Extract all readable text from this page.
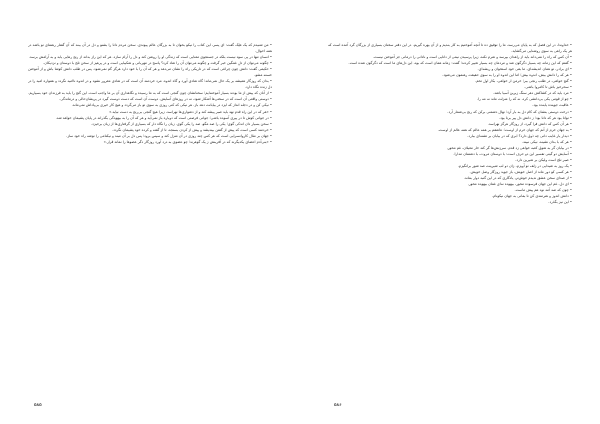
• من شنیدم که یک مَلِک گفت: ای پسر، این کتاب را نیکو بخوان تا به بزرگان عالم پیوندی. سخن مردم دانا را بشنو و دل در آن ببند که آن گفتار رهنمای تو باشد در همه احوال.

• انسان تنها در پی سود نیست بلکه در جستجوی معنایی است که زندگی او را روشن کند و دل را آرام سازد. هر که این راز بداند از رنج رهایی یابد و به آرامش برسد.

• چگونه می‌توان از دلِ غمگین خبر گرفت و چگونه می‌توان آن را شاد کرد؟ پاسخ در مهربانی و شکیبایی است و در پرهیز از سخن تلخ با دوستان و نزدیکان.

• حکیمی گفت: دانش چون چراغی است که در تاریکی راه را نشان می‌دهد و هر که آن را با خود دارد هرگز گم نمی‌شود. پس در طلب دانش کوشا باش و از آموختن خسته مشو.

• بدان که روزگار همیشه بر یک حال نمی‌ماند؛ گاه شادی آورد و گاه اندوه. مرد خردمند آن است که در شادی مغرور نشود و در اندوه ناامید نگردد و همواره امید را در دل زنده نگاه دارد.

• از آنان که پیش از ما بودند بسیار آموخته‌ایم؛ سخنانشان چون گنجی است که به ما رسیده و نگاهداری آن بر ما واجب است. این گنج را باید به فرزندان خود بسپاریم.

• دوستی واقعی آن است که در سختی‌ها آشکار شود، نه در روزهای آسایش. دوست آن است که دست دوست گیرد در پریشان‌حالی و درماندگی.

• نیکی کن و در دجله انداز که ایزد در بیابانت دهد باز. هر نیکی که کنی روزی به سوی تو باز می‌گردد و هیچ کار خیری بی‌پاداش نمی‌ماند.

• «هر که در این راه قدم نهد باید صبر پیشه کند و از دشواری‌ها نهراسد، زیرا هیچ گنجی بی‌رنج به دست نیاید.»

• در جوانی کوش تا در پیری آسوده باشی؛ جوانی فرصتی است که دوباره باز نمی‌آید و هر که آن را به بیهودگی بگذراند در پایان پشیمان خواهد شد.

• سخن بسیار دان اندکی گوی؛ یکی را صد مگو، صد را یکی گوی. زبان را نگاه دار که بسیاری از گرفتاری‌ها از زبان برخیزد.

• خردمند کسی است که پیش از گفتن بیندیشد و پیش از کردن بسنجد، تا از گفته و کرده خود پشیمان نگردد.

• جهان بر مثال کاروانسرایی است که هر کس چند روزی در آن منزل کند و سپس برود؛ پس دل بر آن مبند و نیکنامی را توشه راه خود ساز.

• «بنی‌آدم اعضای یکدیگرند که در آفرینش ز یک گوهرند؛ چو عضوی به درد آورد روزگار دگر عضوها را نماند قرار.»

۵۸۵

• خداوندا، در این فصل که به پایان می‌رسد، ما را توفیق ده تا آنچه آموختیم به کار بندیم و از آن بهره گیریم. در این دفتر سخنان بسیاری از بزرگان گرد آمده است که هر یک راهی به سوی روشنایی می‌گشاید.

• آن کس که راه را نمی‌داند باید از راهدان بپرسد و شرم نکند، زیرا پرسیدن نیمی از دانایی است و نادانی را درمانی جز آموختن نیست.

• گفتم که این زمانه چه بسیار دگرگون شد و مردمان چه بسیار تغییر کردند؛ گفت: زمانه همان است که بود، این دل‌های ما است که دگرگون شده است.

• ای برادر، تو همان اندیشه‌ای، ما بقی خود استخوان و ریشه‌ای.

• هر که را دانش بیش، اندوه بیش؛ اما این اندوه او را به سوی حقیقت رهنمون می‌شود.

• گنج خواهی، در طلب رنجی ببر؛ خرمن ار خواهی، بکار اول تخم.

• سحرخیز باش تا کامروا باشی.

• مرد باید که در کشاکش دهر سنگ زیرین آسیا باشد.

• چو از قومی یکی بی‌دانشی کرد، نه که را منزلت ماند نه مه را.

• عاقبت جوینده یابنده بود.

• درخت دوستی بنشان که کام دل به بار آرد؛ نهال دشمنی برکن که رنج بی‌شمار آرد.

• توانا بود هر که دانا بود؛ ز دانش دل پیر برنا بود.

• هر آن کس که دانش فرا گیرد، از روزگار هرگز نهراسد.

• به جهان خرم از آنم که جهان خرم از اوست؛ عاشقم بر همه عالم که همه عالم از اوست.

• دیدار یار غایب دانی چه ذوق دارد؟ ابری که در بیابان بر تشنه‌ای ببارد.

• هر که با بدان نشیند، نیکی نبیند.

• در بیابان گر به شوق کعبه خواهی زد قدم، سرزنش‌ها گر کند خار مغیلان، غم مخور.

• آسایش دو گیتی تفسیر این دو حرف است: با دوستان مروت، با دشمنان مدارا.

• صبر تلخ است ولیکن بر شیرین دارد.

• یک روز به شیدایی در زلف تو آویزم، زان دو لب شیرینت صد شور برانگیزم.

• هر کسی کو دور ماند از اصل خویش، باز جوید روزگار وصل خویش.

• از صدای سخن عشق ندیدم خوش‌تر، یادگاری که در این گنبد دوار بماند.

• ای دل، غم این جهان فرسوده مخور، بیهوده نه‌ای غمان بیهوده مخور.

• چون که صد آمد نود هم پیش ماست.

• دانش اندوز و هنرمندی کن تا بمانی به جهان نیکونام.

• این نیز بگذرد.

۵۸۶
